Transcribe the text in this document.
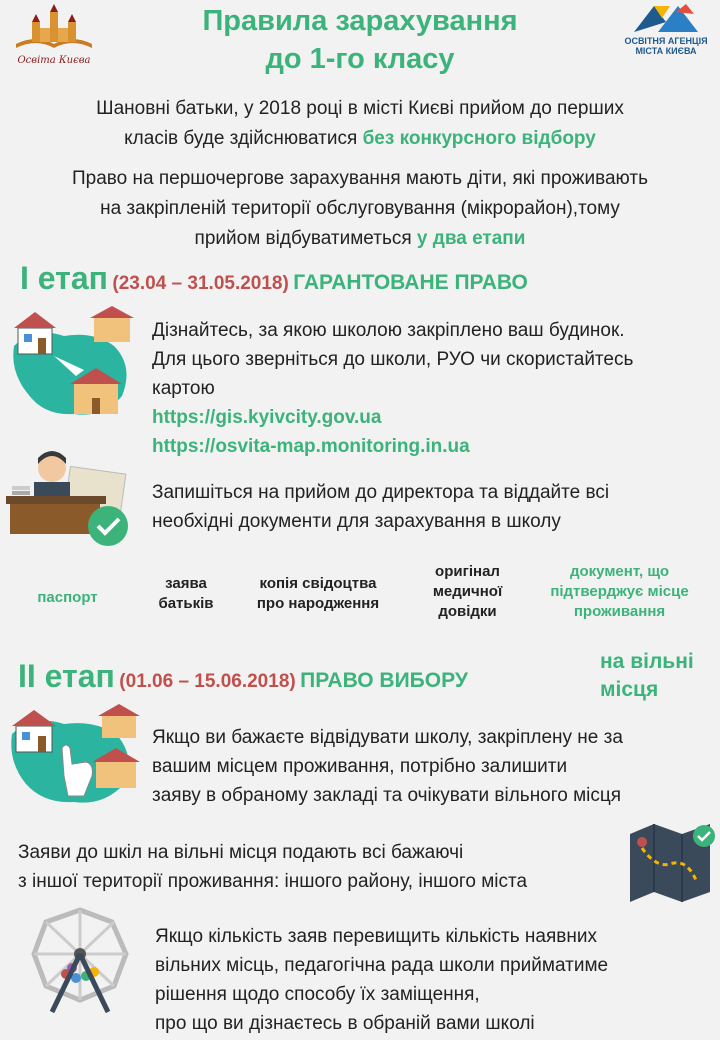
Освіта Києва
Правила зарахування
до 1-го класу
ОСВІТНЯ АГЕНЦІЯ
МІСТА КИЄВА
Шановні батьки, у 2018 році в місті Києві прийом до перших
класів буде здійснюватися без конкурсного відбору
Право на першочергове зарахування мають діти, які проживають
на закріпленій території обслуговування (мікрорайон),тому
прийом відбуватиметься у два етапи
І етап (23.04 – 31.05.2018) ГАРАНТОВАНЕ ПРАВО
Дізнайтесь, за якою школою закріплено ваш будинок.
Для цього зверніться до школи, РУО чи скористайтесь
картою
https://gis.kyivcity.gov.ua
https://osvita-map.monitoring.in.ua
Запишіться на прийом до директора та віддайте всі
необхідні документи для зарахування в школу
паспорт
заява батьків
копія свідоцтва про народження
оригінал медичної довідки
документ, що підтверджує місце проживання
ІІ етап (01.06 – 15.06.2018) ПРАВО ВИБОРУ
на вільні
місця
Якщо ви бажаєте відвідувати школу, закріплену не за
вашим місцем проживання, потрібно залишити
заяву в обраному закладі та очікувати вільного місця
Заяви до шкіл на вільні місця подають всі бажаючі
з іншої території проживання: іншого району, іншого міста
Якщо кількість заяв перевищить кількість наявних
вільних місць, педагогічна рада школи прийматиме
рішення щодо способу їх заміщення,
про що ви дізнаєтесь в обраній вами школі
